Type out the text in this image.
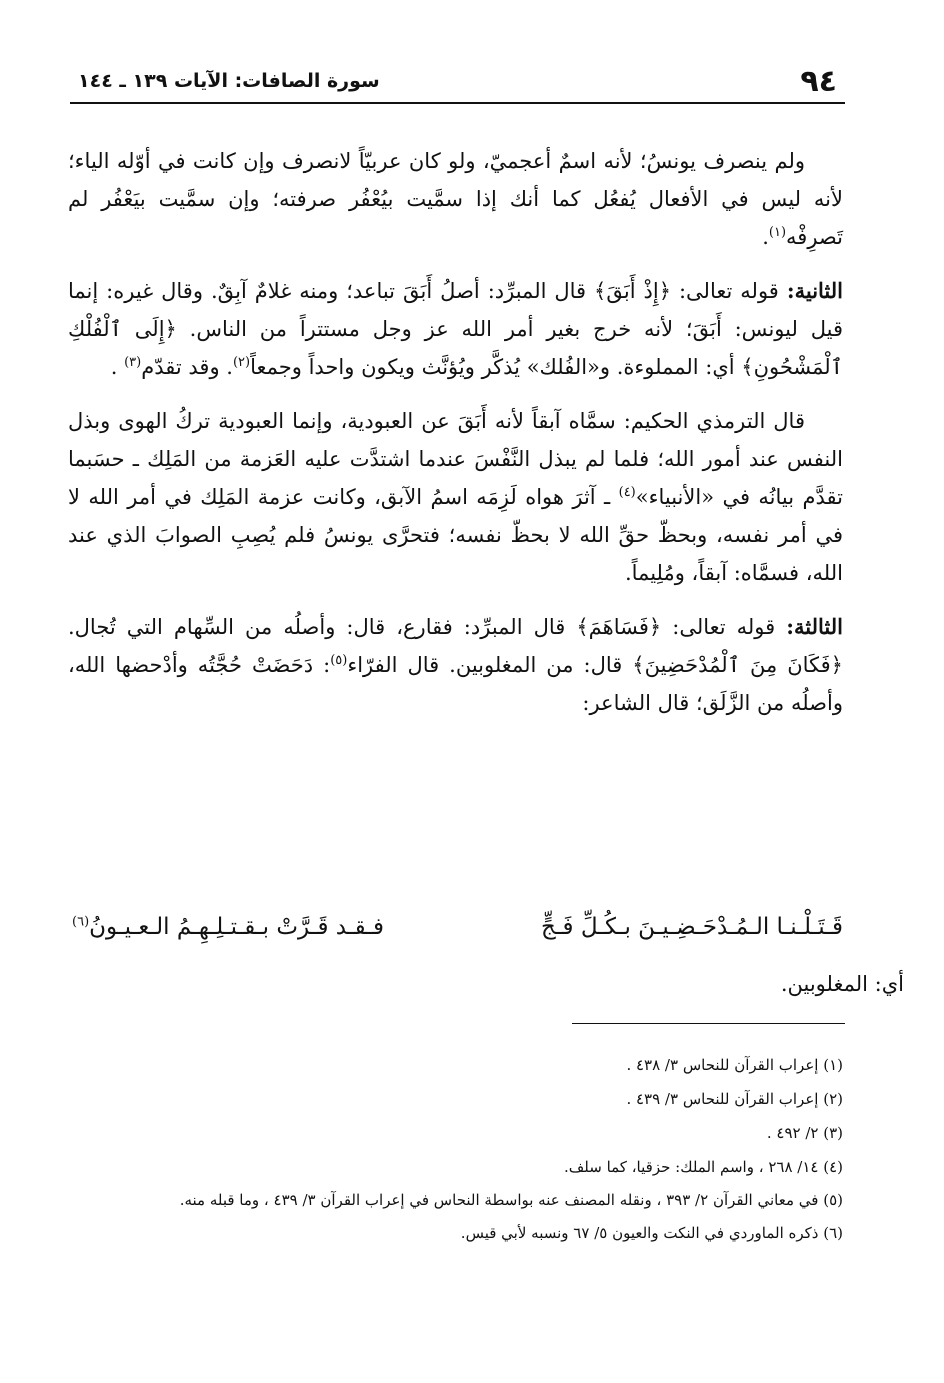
٩٤
سورة الصافات: الآيات ١٣٩ ـ ١٤٤

ولم ينصرف يونسُ؛ لأنه اسمٌ أعجميّ، ولو كان عربيّاً لانصرف وإن كانت في أوّله الياء؛ لأنه ليس في الأفعال يُفعُل كما أنك إذا سمَّيت بيُعْفُر صرفته؛ وإن سمَّيت بيَعْفُر لم تَصرِفْه$^{(١)}$.

الثانية: قوله تعالى: ﴿إِذْ أَبَقَ﴾ قال المبرِّد: أصلُ أَبَقَ تباعد؛ ومنه غلامٌ آبِقٌ. وقال غيره: إنما قيل ليونس: أَبَقَ؛ لأنه خرج بغير أمر الله عز وجل مستتراً من الناس. ﴿إِلَى ٱلْفُلْكِ ٱلْمَشْحُونِ﴾ أي: المملوءة. و«الفُلك» يُذكَّر ويُؤنَّث ويكون واحداً وجمعاً$^{(٢)}$. وقد تقدّم$^{(٣)}$ .

قال الترمذي الحكيم: سمَّاه آبقاً لأنه أَبَقَ عن العبودية، وإنما العبودية تركُ الهوى وبذل النفس عند أمور الله؛ فلما لم يبذل النَّفْسَ عندما اشتدَّت عليه العَزمة من المَلِك ـ حسَبما تقدَّم بيانُه في «الأنبياء»$^{(٤)}$ ـ آثرَ هواه لَزِمَه اسمُ الآبق، وكانت عزمة المَلِك في أمر الله لا في أمر نفسه، وبحظّ حقِّ الله لا بحظّ نفسه؛ فتحرَّى يونسُ فلم يُصِبِ الصوابَ الذي عند الله، فسمَّاه: آبقاً، ومُلِيماً.

الثالثة: قوله تعالى: ﴿فَسَاهَمَ﴾ قال المبرِّد: فقارع، قال: وأصلُه من السِّهام التي تُجال. ﴿فَكَانَ مِنَ ٱلْمُدْحَضِينَ﴾ قال: من المغلوبين. قال الفرّاء$^{(٥)}$: دَحَضَتْ حُجَّتُه وأدْحضها الله، وأصلُه من الزَّلَق؛ قال الشاعر:

قَـتَـلْـنـا الـمُـدْحَـضِـيـنَ بـكُـلِّ فَـجٍّ
فـقـد قَـرَّتْ بـقـتـلِـهِـمُ الـعـيـونُ$^{(٦)}$
أي: المغلوبين.

(١) إعراب القرآن للنحاس ٣/ ٤٣٨ .

(٢) إعراب القرآن للنحاس ٣/ ٤٣٩ .

(٣) ٢/ ٤٩٢ .

(٤) ١٤/ ٢٦٨ ، واسم الملك: حزقيا، كما سلف.

(٥) في معاني القرآن ٢/ ٣٩٣ ، ونقله المصنف عنه بواسطة النحاس في إعراب القرآن ٣/ ٤٣٩ ، وما قبله منه.

(٦) ذكره الماوردي في النكت والعيون ٥/ ٦٧ ونسبه لأبي قيس.
